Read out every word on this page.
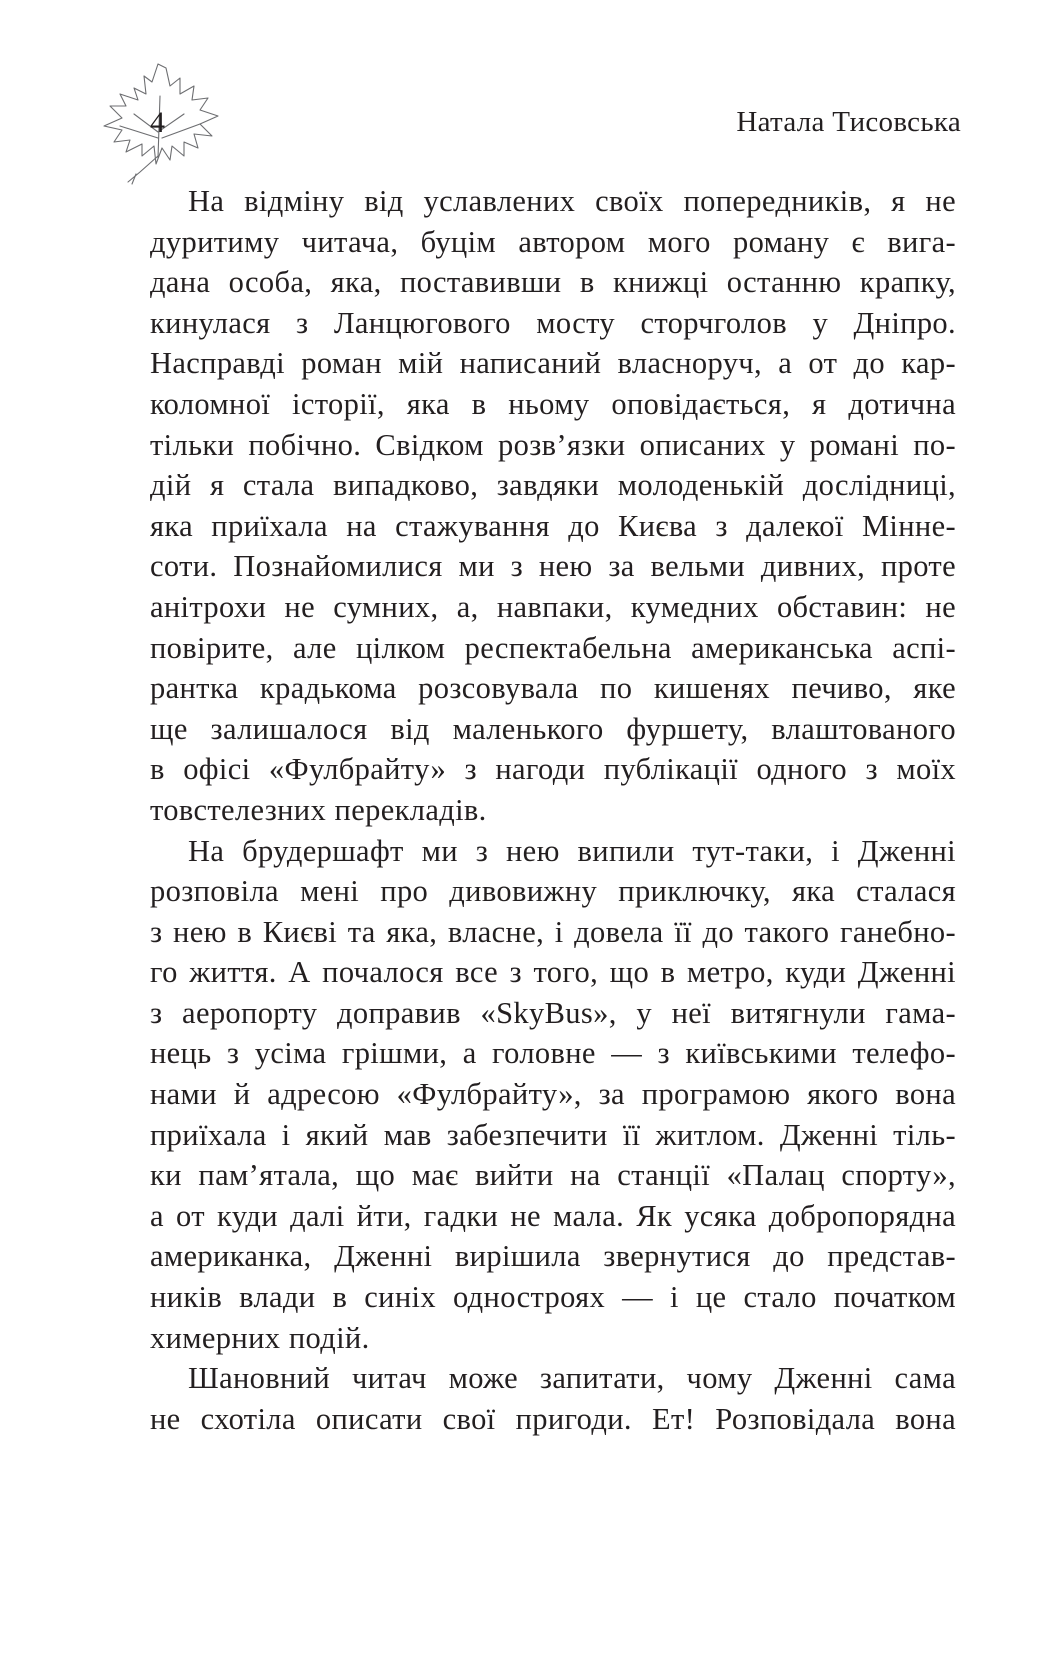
4	Натала Тисовська
На відміну від уславлених своїх попередників, я не
дуритиму читача, буцім автором мого роману є вига-
дана особа, яка, поставивши в книжці останню крапку,
кинулася з Ланцюгового мосту сторчголов у Дніпро.
Насправді роман мій написаний власноруч, а от до кар-
коломної історії, яка в ньому оповідається, я дотична
тільки побічно. Свідком розв’язки описаних у романі по-
дій я стала випадково, завдяки молоденькій дослідниці,
яка приїхала на стажування до Києва з далекої Мінне-
соти. Познайомилися ми з нею за вельми дивних, проте
анітрохи не сумних, а, навпаки, кумедних обставин: не
повірите, але цілком респектабельна американська аспі-
рантка крадькома розсовувала по кишенях печиво, яке
ще залишалося від маленького фуршету, влаштованого
в офісі «Фулбрайту» з нагоди публікації одного з моїх
товстелезних перекладів.
На брудершафт ми з нею випили тут-таки, і Дженні
розповіла мені про дивовижну приключку, яка сталася
з нею в Києві та яка, власне, і довела її до такого ганебно-
го життя. А почалося все з того, що в метро, куди Дженні
з аеропорту доправив «SkyBus», у неї витягнули гама-
нець з усіма грішми, а головне — з київськими телефо-
нами й адресою «Фулбрайту», за програмою якого вона
приїхала і який мав забезпечити її житлом. Дженні тіль-
ки пам’ятала, що має вийти на станції «Палац спорту»,
а от куди далі йти, гадки не мала. Як усяка добропорядна
американка, Дженні вирішила звернутися до представ-
ників влади в синіх одностроях — і це стало початком
химерних подій.
Шановний читач може запитати, чому Дженні сама
не схотіла описати свої пригоди. Ет! Розповідала вона
